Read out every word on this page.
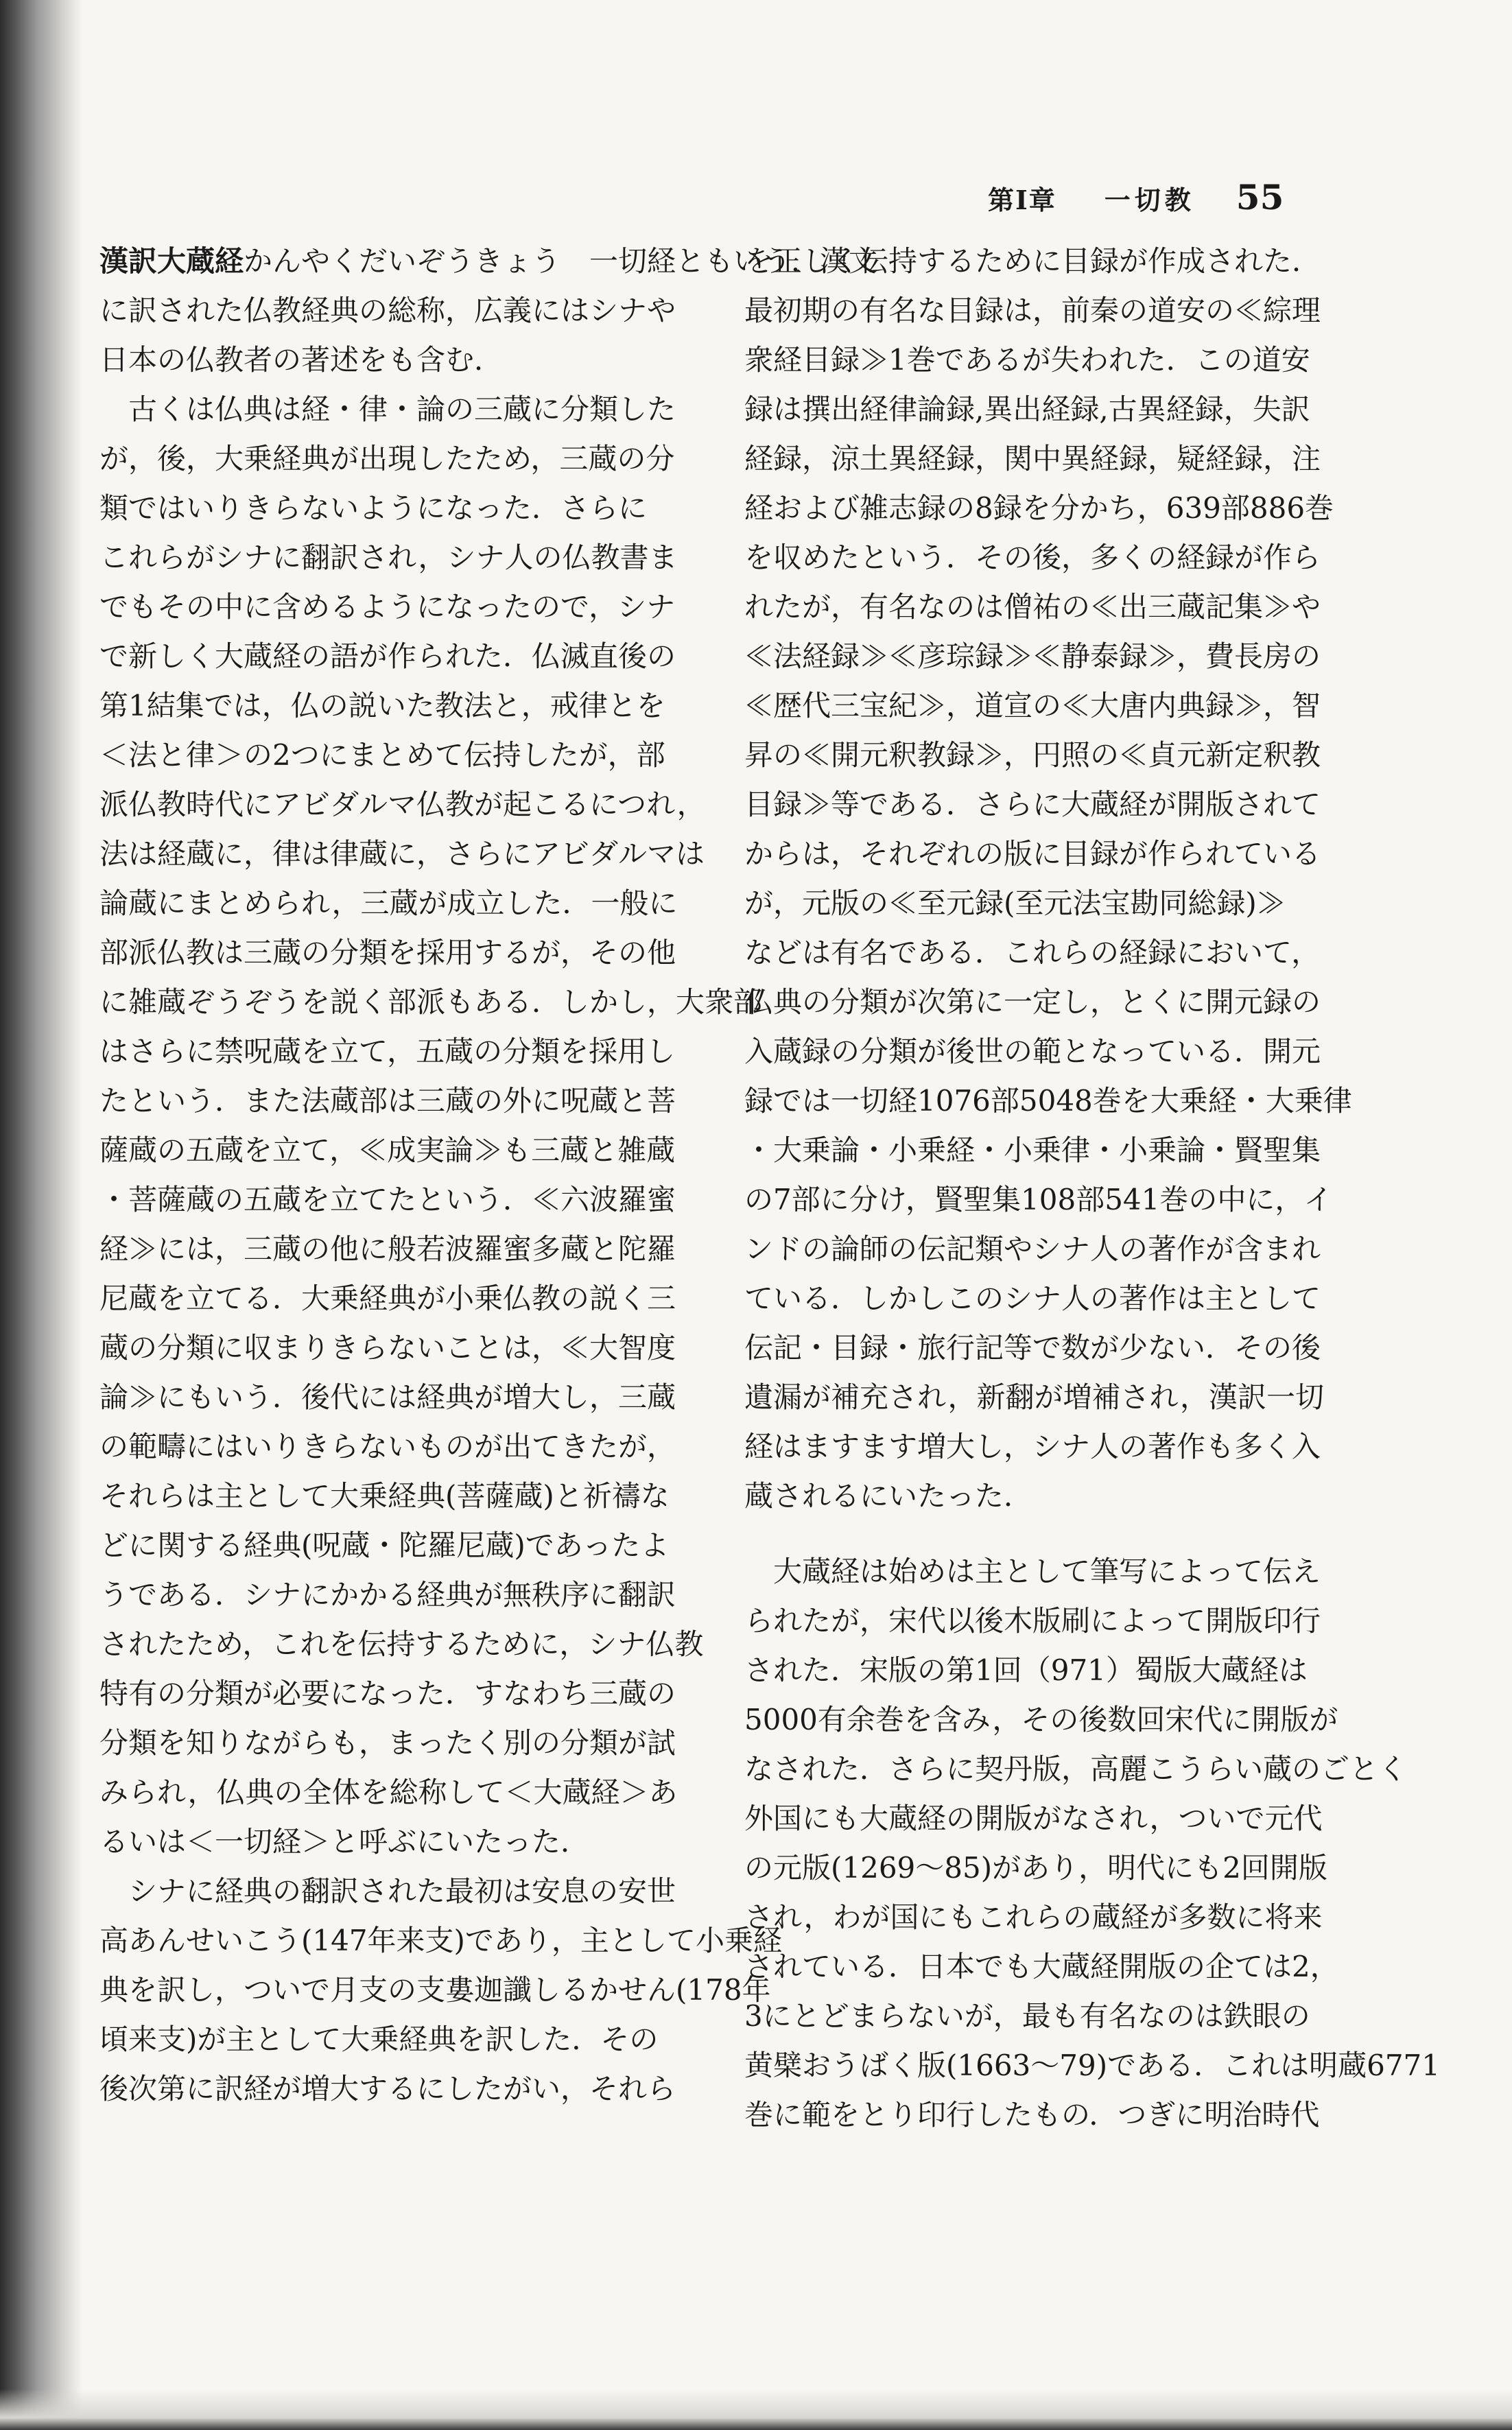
第I章 一切教 55
漢訳大蔵経かんやくだいぞうきょう　一切経ともいう．漢文
に訳された仏教経典の総称，広義にはシナや
日本の仏教者の著述をも含む．
　古くは仏典は経・律・論の三蔵に分類した
が，後，大乗経典が出現したため，三蔵の分
類ではいりきらないようになった．さらに
これらがシナに翻訳され，シナ人の仏教書ま
でもその中に含めるようになったので，シナ
で新しく大蔵経の語が作られた．仏滅直後の
第1結集では，仏の説いた教法と，戒律とを
＜法と律＞の2つにまとめて伝持したが，部
派仏教時代にアビダルマ仏教が起こるにつれ，
法は経蔵に，律は律蔵に，さらにアビダルマは
論蔵にまとめられ，三蔵が成立した．一般に
部派仏教は三蔵の分類を採用するが，その他
に雑蔵ぞうぞうを説く部派もある．しかし，大衆部
はさらに禁呪蔵を立て，五蔵の分類を採用し
たという．また法蔵部は三蔵の外に呪蔵と菩
薩蔵の五蔵を立て，≪成実論≫も三蔵と雑蔵
・菩薩蔵の五蔵を立てたという．≪六波羅蜜
経≫には，三蔵の他に般若波羅蜜多蔵と陀羅
尼蔵を立てる．大乗経典が小乗仏教の説く三
蔵の分類に収まりきらないことは，≪大智度
論≫にもいう．後代には経典が増大し，三蔵
の範疇にはいりきらないものが出てきたが，
それらは主として大乗経典(菩薩蔵)と祈禱な
どに関する経典(呪蔵・陀羅尼蔵)であったよ
うである．シナにかかる経典が無秩序に翻訳
されたため，これを伝持するために，シナ仏教
特有の分類が必要になった．すなわち三蔵の
分類を知りながらも，まったく別の分類が試
みられ，仏典の全体を総称して＜大蔵経＞あ
るいは＜一切経＞と呼ぶにいたった．
　シナに経典の翻訳された最初は安息の安世
高あんせいこう(147年来支)であり，主として小乗経
典を訳し，ついで月支の支婁迦讖しるかせん(178年
頃来支)が主として大乗経典を訳した．その
後次第に訳経が増大するにしたがい，それら
を正しく伝持するために目録が作成された．
最初期の有名な目録は，前秦の道安の≪綜理
衆経目録≫1巻であるが失われた．この道安
録は撰出経律論録,異出経録,古異経録，失訳
経録，涼土異経録，関中異経録，疑経録，注
経および雑志録の8録を分かち，639部886巻
を収めたという．その後，多くの経録が作ら
れたが，有名なのは僧祐の≪出三蔵記集≫や
≪法経録≫≪彦琮録≫≪静泰録≫，費長房の
≪歴代三宝紀≫，道宣の≪大唐内典録≫，智
昇の≪開元釈教録≫，円照の≪貞元新定釈教
目録≫等である．さらに大蔵経が開版されて
からは，それぞれの版に目録が作られている
が，元版の≪至元録(至元法宝勘同総録)≫
などは有名である．これらの経録において，
仏典の分類が次第に一定し，とくに開元録の
入蔵録の分類が後世の範となっている．開元
録では一切経1076部5048巻を大乗経・大乗律
・大乗論・小乗経・小乗律・小乗論・賢聖集
の7部に分け，賢聖集108部541巻の中に，イ
ンドの論師の伝記類やシナ人の著作が含まれ
ている．しかしこのシナ人の著作は主として
伝記・目録・旅行記等で数が少ない．その後
遺漏が補充され，新翻が増補され，漢訳一切
経はますます増大し，シナ人の著作も多く入
蔵されるにいたった．
　大蔵経は始めは主として筆写によって伝え
られたが，宋代以後木版刷によって開版印行
された．宋版の第1回（971）蜀版大蔵経は
5000有余巻を含み，その後数回宋代に開版が
なされた．さらに契丹版，高麗こうらい蔵のごとく
外国にも大蔵経の開版がなされ，ついで元代
の元版(1269～85)があり，明代にも2回開版
され，わが国にもこれらの蔵経が多数に将来
されている．日本でも大蔵経開版の企ては2，
3にとどまらないが，最も有名なのは鉄眼の
黄檗おうばく版(1663～79)である．これは明蔵6771
巻に範をとり印行したもの．つぎに明治時代
